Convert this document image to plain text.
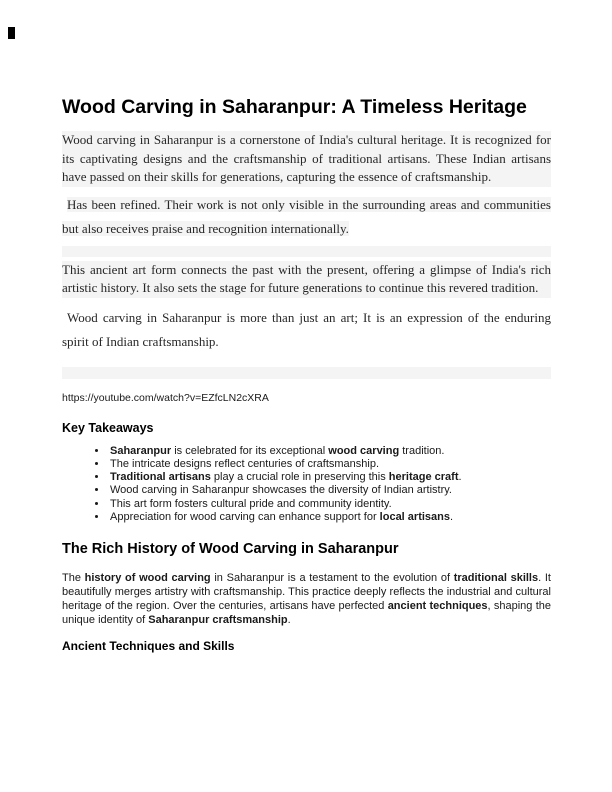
Wood Carving in Saharanpur: A Timeless Heritage

Wood carving in Saharanpur is a cornerstone of India's cultural heritage. It is recognized for its captivating designs and the craftsmanship of traditional artisans. These Indian artisans have passed on their skills for generations, capturing the essence of craftsmanship.

Has been refined. Their work is not only visible in the surrounding areas and communities but also receives praise and recognition internationally.

This ancient art form connects the past with the present, offering a glimpse of India's rich artistic history. It also sets the stage for future generations to continue this revered tradition.

Wood carving in Saharanpur is more than just an art; It is an expression of the enduring spirit of Indian craftsmanship.

https://youtube.com/watch?v=EZfcLN2cXRA
Key Takeaways
• Saharanpur is celebrated for its exceptional wood carving tradition.
• The intricate designs reflect centuries of craftsmanship.
• Traditional artisans play a crucial role in preserving this heritage craft.
• Wood carving in Saharanpur showcases the diversity of Indian artistry.
• This art form fosters cultural pride and community identity.
• Appreciation for wood carving can enhance support for local artisans.
The Rich History of Wood Carving in Saharanpur

The history of wood carving in Saharanpur is a testament to the evolution of traditional skills. It beautifully merges artistry with craftsmanship. This practice deeply reflects the industrial and cultural heritage of the region. Over the centuries, artisans have perfected ancient techniques, shaping the unique identity of Saharanpur craftsmanship.

Ancient Techniques and Skills
